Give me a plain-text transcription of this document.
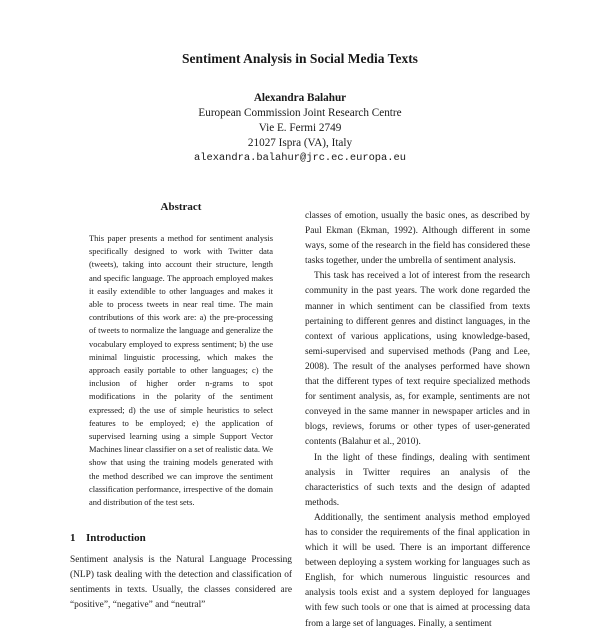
Sentiment Analysis in Social Media Texts
Alexandra Balahur
European Commission Joint Research Centre
Vie E. Fermi 2749
21027 Ispra (VA), Italy
alexandra.balahur@jrc.ec.europa.eu
Abstract
This paper presents a method for sentiment analysis specifically designed to work with Twitter data (tweets), taking into account their structure, length and specific language. The approach employed makes it easily extendible to other languages and makes it able to process tweets in near real time. The main contributions of this work are: a) the pre-processing of tweets to normalize the language and generalize the vocabulary employed to express sentiment; b) the use minimal linguistic processing, which makes the approach easily portable to other languages; c) the inclusion of higher order n-grams to spot modifications in the polarity of the sentiment expressed; d) the use of simple heuristics to select features to be employed; e) the application of supervised learning using a simple Support Vector Machines linear classifier on a set of realistic data. We show that using the training models generated with the method described we can improve the sentiment classification performance, irrespective of the domain and distribution of the test sets.
1 Introduction

Sentiment analysis is the Natural Language Processing (NLP) task dealing with the detection and classification of sentiments in texts. Usually, the classes considered are “positive”, “negative” and “neutral”

classes of emotion, usually the basic ones, as described by Paul Ekman (Ekman, 1992). Although different in some ways, some of the research in the field has considered these tasks together, under the umbrella of sentiment analysis.

This task has received a lot of interest from the research community in the past years. The work done regarded the manner in which sentiment can be classified from texts pertaining to different genres and distinct languages, in the context of various applications, using knowledge-based, semi-supervised and supervised methods (Pang and Lee, 2008). The result of the analyses performed have shown that the different types of text require specialized methods for sentiment analysis, as, for example, sentiments are not conveyed in the same manner in newspaper articles and in blogs, reviews, forums or other types of user-generated contents (Balahur et al., 2010).

In the light of these findings, dealing with sentiment analysis in Twitter requires an analysis of the characteristics of such texts and the design of adapted methods.

Additionally, the sentiment analysis method employed has to consider the requirements of the final application in which it will be used. There is an important difference between deploying a system working for languages such as English, for which numerous linguistic resources and analysis tools exist and a system deployed for languages with few such tools or one that is aimed at processing data from a large set of languages. Finally, a sentiment
